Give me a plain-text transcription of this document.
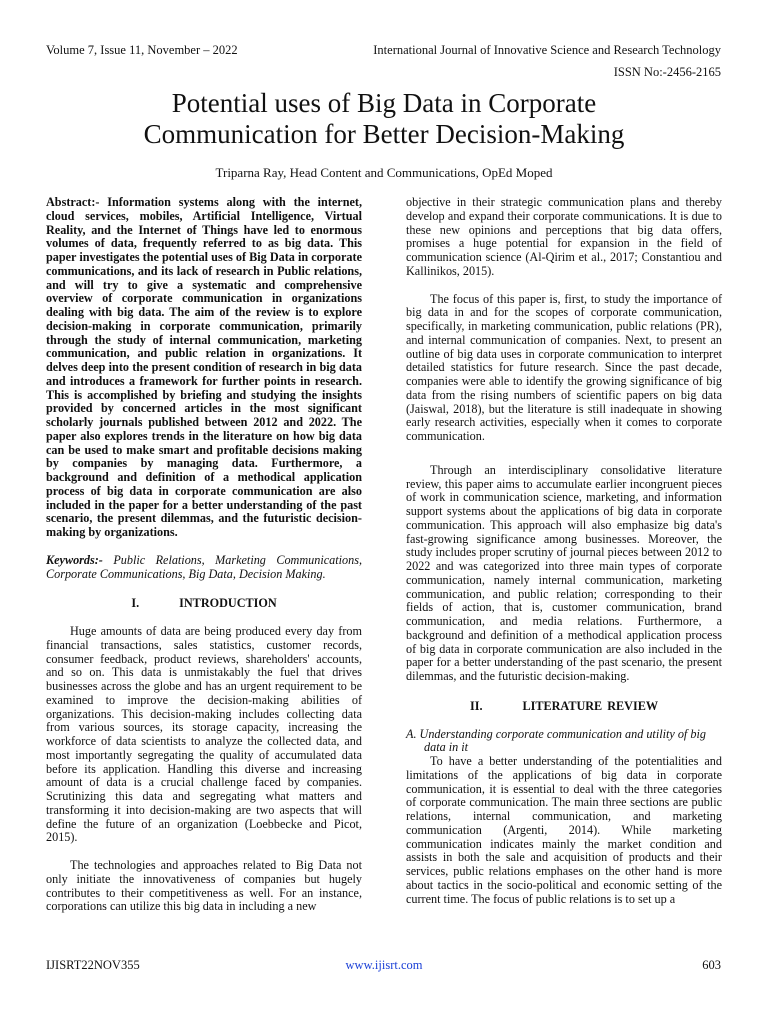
Volume 7, Issue 11, November – 2022	International Journal of Innovative Science and Research Technology
ISSN No:-2456-2165
Potential uses of Big Data in Corporate
Communication for Better Decision-Making
Triparna Ray, Head Content and Communications, OpEd Moped

Abstract:- Information systems along with the internet, cloud services, mobiles, Artificial Intelligence, Virtual Reality, and the Internet of Things have led to enormous volumes of data, frequently referred to as big data. This paper investigates the potential uses of Big Data in corporate communications, and its lack of research in Public relations, and will try to give a systematic and comprehensive overview of corporate communication in organizations dealing with big data. The aim of the review is to explore decision-making in corporate communication, primarily through the study of internal communication, marketing communication, and public relation in organizations. It delves deep into the present condition of research in big data and introduces a framework for further points in research. This is accomplished by briefing and studying the insights provided by concerned articles in the most significant scholarly journals published between 2012 and 2022. The paper also explores trends in the literature on how big data can be used to make smart and profitable decisions making by companies by managing data. Furthermore, a background and definition of a methodical application process of big data in corporate communication are also included in the paper for a better understanding of the past scenario, the present dilemmas, and the futuristic decision-making by organizations.

Keywords:- Public Relations, Marketing Communications, Corporate Communications, Big Data, Decision Making.

I.	INTRODUCTION

Huge amounts of data are being produced every day from financial transactions, sales statistics, customer records, consumer feedback, product reviews, shareholders' accounts, and so on. This data is unmistakably the fuel that drives businesses across the globe and has an urgent requirement to be examined to improve the decision-making abilities of organizations. This decision-making includes collecting data from various sources, its storage capacity, increasing the workforce of data scientists to analyze the collected data, and most importantly segregating the quality of accumulated data before its application. Handling this diverse and increasing amount of data is a crucial challenge faced by companies. Scrutinizing this data and segregating what matters and transforming it into decision-making are two aspects that will define the future of an organization (Loebbecke and Picot, 2015).

The technologies and approaches related to Big Data not only initiate the innovativeness of companies but hugely contributes to their competitiveness as well. For an instance, corporations can utilize this big data in including a new

objective in their strategic communication plans and thereby develop and expand their corporate communications. It is due to these new opinions and perceptions that big data offers, promises a huge potential for expansion in the field of communication science (Al-Qirim et al., 2017; Constantiou and Kallinikos, 2015).

The focus of this paper is, first, to study the importance of big data in and for the scopes of corporate communication, specifically, in marketing communication, public relations (PR), and internal communication of companies. Next, to present an outline of big data uses in corporate communication to interpret detailed statistics for future research. Since the past decade, companies were able to identify the growing significance of big data from the rising numbers of scientific papers on big data (Jaiswal, 2018), but the literature is still inadequate in showing early research activities, especially when it comes to corporate communication.

Through an interdisciplinary consolidative literature review, this paper aims to accumulate earlier incongruent pieces of work in communication science, marketing, and information support systems about the applications of big data in corporate communication. This approach will also emphasize big data's fast-growing significance among businesses. Moreover, the study includes proper scrutiny of journal pieces between 2012 to 2022 and was categorized into three main types of corporate communication, namely internal communication, marketing communication, and public relation; corresponding to their fields of action, that is, customer communication, brand communication, and media relations. Furthermore, a background and definition of a methodical application process of big data in corporate communication are also included in the paper for a better understanding of the past scenario, the present dilemmas, and the futuristic decision-making.

II.	LITERATURE REVIEW

A. Understanding corporate communication and utility of big data in it

To have a better understanding of the potentialities and limitations of the applications of big data in corporate communication, it is essential to deal with the three categories of corporate communication. The main three sections are public relations, internal communication, and marketing communication (Argenti, 2014). While marketing communication indicates mainly the market condition and assists in both the sale and acquisition of products and their services, public relations emphases on the other hand is more about tactics in the socio-political and economic setting of the current time. The focus of public relations is to set up a

IJISRT22NOV355	www.ijisrt.com	603
